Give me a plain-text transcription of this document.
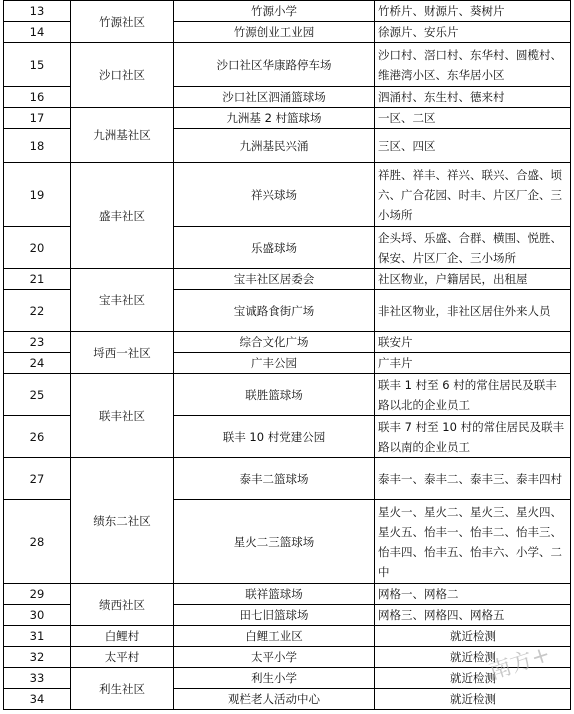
13	竹源社区	竹源小学	竹桥片、财源片、葵树片
14		竹源创业工业园	徐源片、安乐片
15	沙口社区	沙口社区华康路停车场	沙口村、滘口村、东华村、圆榄村、维港湾小区、东华居小区
16		沙口社区泗涌篮球场	泗涌村、东生村、德来村
17	九洲基社区	九洲基 2 村篮球场	一区、二区
18		九洲基民兴涌	三区、四区
19	盛丰社区	祥兴球场	祥胜、祥丰、祥兴、联兴、合盛、顷六、广合花园、时丰、片区厂企、三小场所
20		乐盛球场	企头埒、乐盛、合群、横围、悦胜、保安、片区厂企、三小场所
21	宝丰社区	宝丰社区居委会	社区物业，户籍居民，出租屋
22		宝诚路食街广场	非社区物业，非社区居住外来人员
23	埒西一社区	综合文化广场	联安片
24		广丰公园	广丰片
25	联丰社区	联胜篮球场	联丰 1 村至 6 村的常住居民及联丰路以北的企业员工
26		联丰 10 村党建公园	联丰 7 村至 10 村的常住居民及联丰路以南的企业员工
27	绩东二社区	泰丰二篮球场	泰丰一、泰丰二、泰丰三、泰丰四村
28		星火二三篮球场	星火一、星火二、星火三、星火四、星火五、怡丰一、怡丰二、怡丰三、怡丰四、怡丰五、怡丰六、小学、二中
29	绩西社区	联祥篮球场	网格一、网格二
30		田七旧篮球场	网格三、网格四、网格五
31	白鲤村	白鲤工业区	就近检测
32	太平村	太平小学	就近检测
33	利生社区	利生小学	就近检测
34		观栏老人活动中心	就近检测
南方+
